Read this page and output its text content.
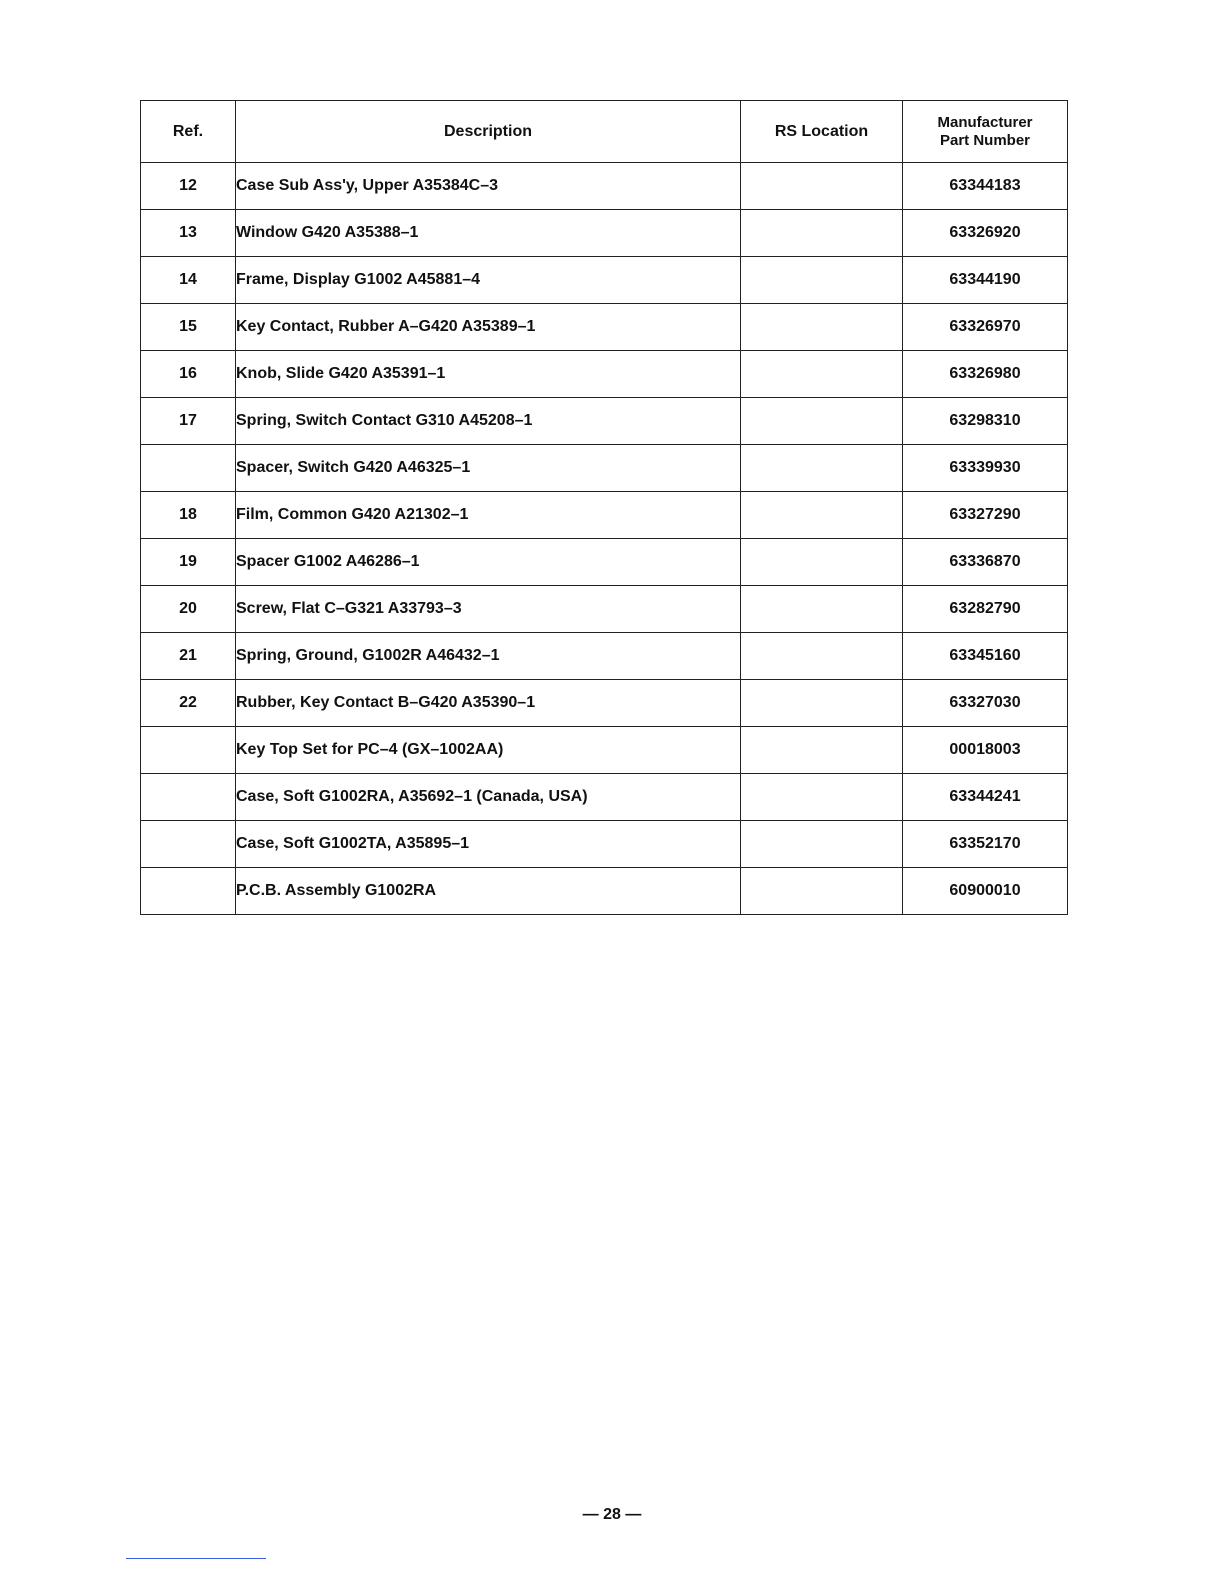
Ref.	Description	RS Location	Manufacturer
Part Number
12	Case Sub Ass'y, Upper A35384C–3		63344183
13	Window G420 A35388–1		63326920
14	Frame, Display G1002 A45881–4		63344190
15	Key Contact, Rubber A–G420 A35389–1		63326970
16	Knob, Slide G420 A35391–1		63326980
17	Spring, Switch Contact G310 A45208–1		63298310
	Spacer, Switch G420 A46325–1		63339930
18	Film, Common G420 A21302–1		63327290
19	Spacer G1002 A46286–1		63336870
20	Screw, Flat C–G321 A33793–3		63282790
21	Spring, Ground, G1002R A46432–1		63345160
22	Rubber, Key Contact B–G420 A35390–1		63327030
	Key Top Set for PC–4 (GX–1002AA)		00018003
	Case, Soft G1002RA, A35692–1 (Canada, USA)		63344241
	Case, Soft G1002TA, A35895–1		63352170
	P.C.B. Assembly G1002RA		60900010
— 28 —
